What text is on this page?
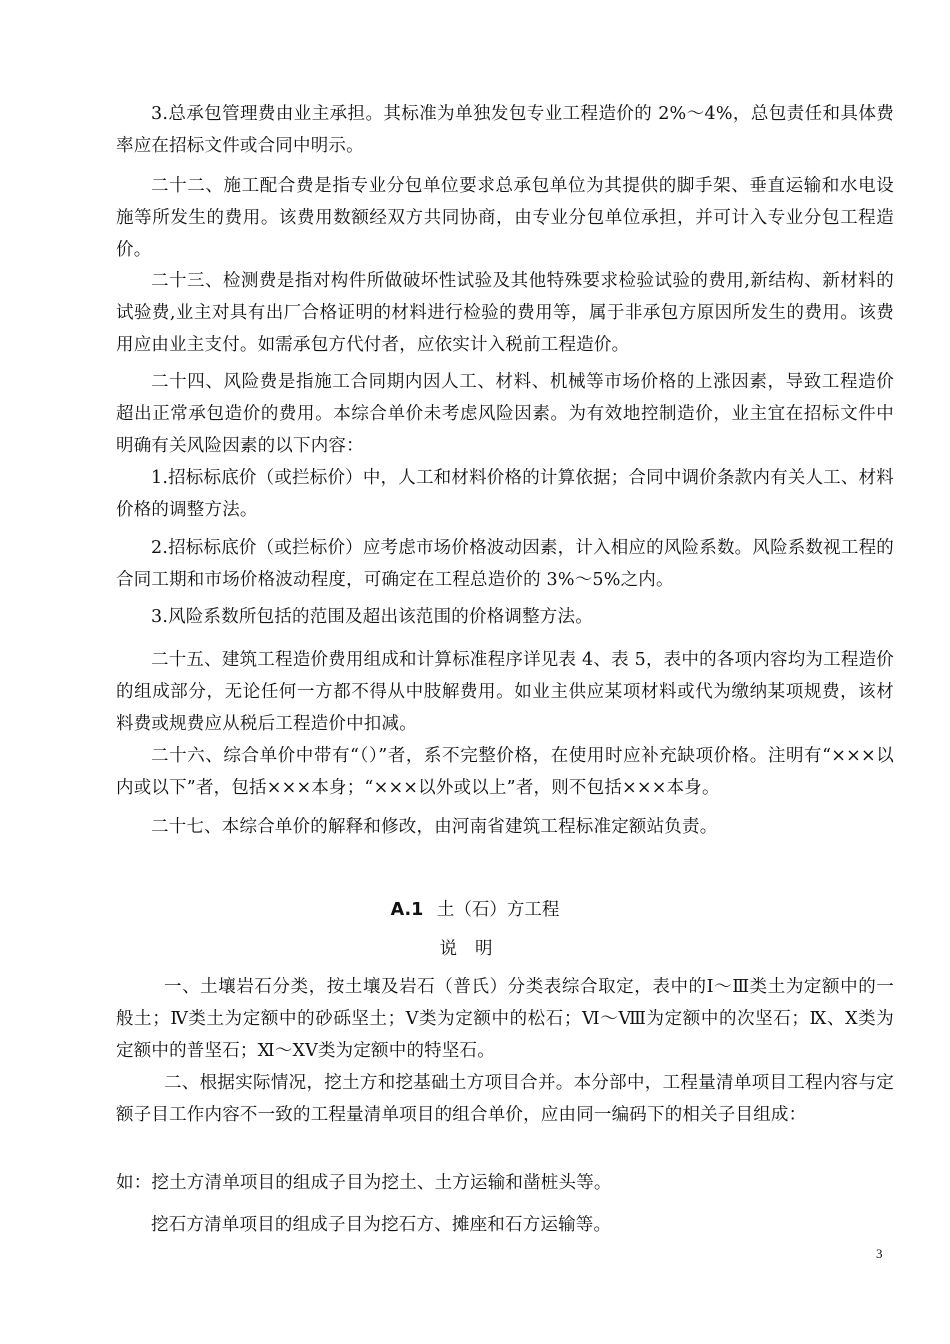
3.总承包管理费由业主承担。其标准为单独发包专业工程造价的 2%～4%，总包责任和具体费率应在招标文件或合同中明示。

二十二、施工配合费是指专业分包单位要求总承包单位为其提供的脚手架、垂直运输和水电设施等所发生的费用。该费用数额经双方共同协商，由专业分包单位承担，并可计入专业分包工程造价。

二十三、检测费是指对构件所做破坏性试验及其他特殊要求检验试验的费用,新结构、新材料的试验费,业主对具有出厂合格证明的材料进行检验的费用等，属于非承包方原因所发生的费用。该费用应由业主支付。如需承包方代付者，应依实计入税前工程造价。

二十四、风险费是指施工合同期内因人工、材料、机械等市场价格的上涨因素，导致工程造价超出正常承包造价的费用。本综合单价未考虑风险因素。为有效地控制造价，业主宜在招标文件中明确有关风险因素的以下内容：

1.招标标底价（或拦标价）中，人工和材料价格的计算依据；合同中调价条款内有关人工、材料价格的调整方法。

2.招标标底价（或拦标价）应考虑市场价格波动因素，计入相应的风险系数。风险系数视工程的合同工期和市场价格波动程度，可确定在工程总造价的 3%～5%之内。

3.风险系数所包括的范围及超出该范围的价格调整方法。

二十五、建筑工程造价费用组成和计算标准程序详见表 4、表 5，表中的各项内容均为工程造价的组成部分，无论任何一方都不得从中肢解费用。如业主供应某项材料或代为缴纳某项规费，该材料费或规费应从税后工程造价中扣减。

二十六、综合单价中带有“（）”者，系不完整价格，在使用时应补充缺项价格。注明有“×××以内或以下”者，包括×××本身；“×××以外或以上”者，则不包括×××本身。

二十七、本综合单价的解释和修改，由河南省建筑工程标准定额站负责。

A.1 土（石）方工程
说明

一、土壤岩石分类，按土壤及岩石（普氏）分类表综合取定，表中的Ⅰ～Ⅲ类土为定额中的一般土；Ⅳ类土为定额中的砂砾坚土；Ⅴ类为定额中的松石；Ⅵ～Ⅷ为定额中的次坚石；Ⅸ、Ⅹ类为定额中的普坚石；Ⅺ～ⅩⅤ类为定额中的特坚石。

二、根据实际情况，挖土方和挖基础土方项目合并。本分部中，工程量清单项目工程内容与定额子目工作内容不一致的工程量清单项目的组合单价，应由同一编码下的相关子目组成：

如：挖土方清单项目的组成子目为挖土、土方运输和凿桩头等。

挖石方清单项目的组成子目为挖石方、摊座和石方运输等。

3
